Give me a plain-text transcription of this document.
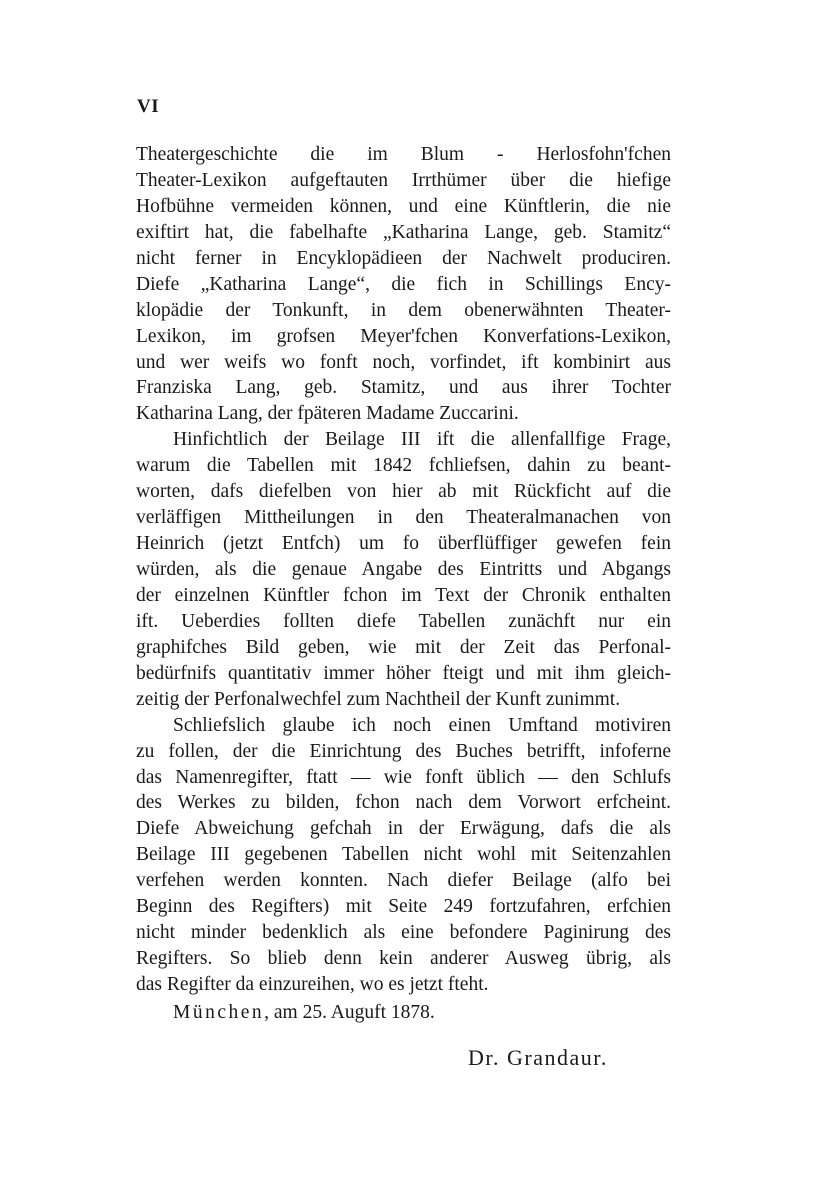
VI
Theatergeschichte die im Blum - Herlosfohn'fchen
Theater-Lexikon aufgeftauten Irrthümer über die hiefige
Hofbühne vermeiden können, und eine Künftlerin, die nie
exiftirt hat, die fabelhafte „Katharina Lange, geb. Stamitz“
nicht ferner in Encyklopädieen der Nachwelt produciren.
Diefe „Katharina Lange“, die fich in Schillings Ency-
klopädie der Tonkunft, in dem obenerwähnten Theater-
Lexikon, im grofsen Meyer'fchen Konverfations-Lexikon,
und wer weifs wo fonft noch, vorfindet, ift kombinirt aus
Franziska Lang, geb. Stamitz, und aus ihrer Tochter
Katharina Lang, der fpäteren Madame Zuccarini.
Hinfichtlich der Beilage III ift die allenfallfige Frage,
warum die Tabellen mit 1842 fchliefsen, dahin zu beant-
worten, dafs diefelben von hier ab mit Rückficht auf die
verläffigen Mittheilungen in den Theateralmanachen von
Heinrich (jetzt Entfch) um fo überflüffiger gewefen fein
würden, als die genaue Angabe des Eintritts und Abgangs
der einzelnen Künftler fchon im Text der Chronik enthalten
ift. Ueberdies follten diefe Tabellen zunächft nur ein
graphifches Bild geben, wie mit der Zeit das Perfonal-
bedürfnifs quantitativ immer höher fteigt und mit ihm gleich-
zeitig der Perfonalwechfel zum Nachtheil der Kunft zunimmt.
Schliefslich glaube ich noch einen Umftand motiviren
zu follen, der die Einrichtung des Buches betrifft, infoferne
das Namenregifter, ftatt — wie fonft üblich — den Schlufs
des Werkes zu bilden, fchon nach dem Vorwort erfcheint.
Diefe Abweichung gefchah in der Erwägung, dafs die als
Beilage III gegebenen Tabellen nicht wohl mit Seitenzahlen
verfehen werden konnten. Nach diefer Beilage (alfo bei
Beginn des Regifters) mit Seite 249 fortzufahren, erfchien
nicht minder bedenklich als eine befondere Paginirung des
Regifters. So blieb denn kein anderer Ausweg übrig, als
das Regifter da einzureihen, wo es jetzt fteht.
München, am 25. Auguft 1878.
Dr. Grandaur.
